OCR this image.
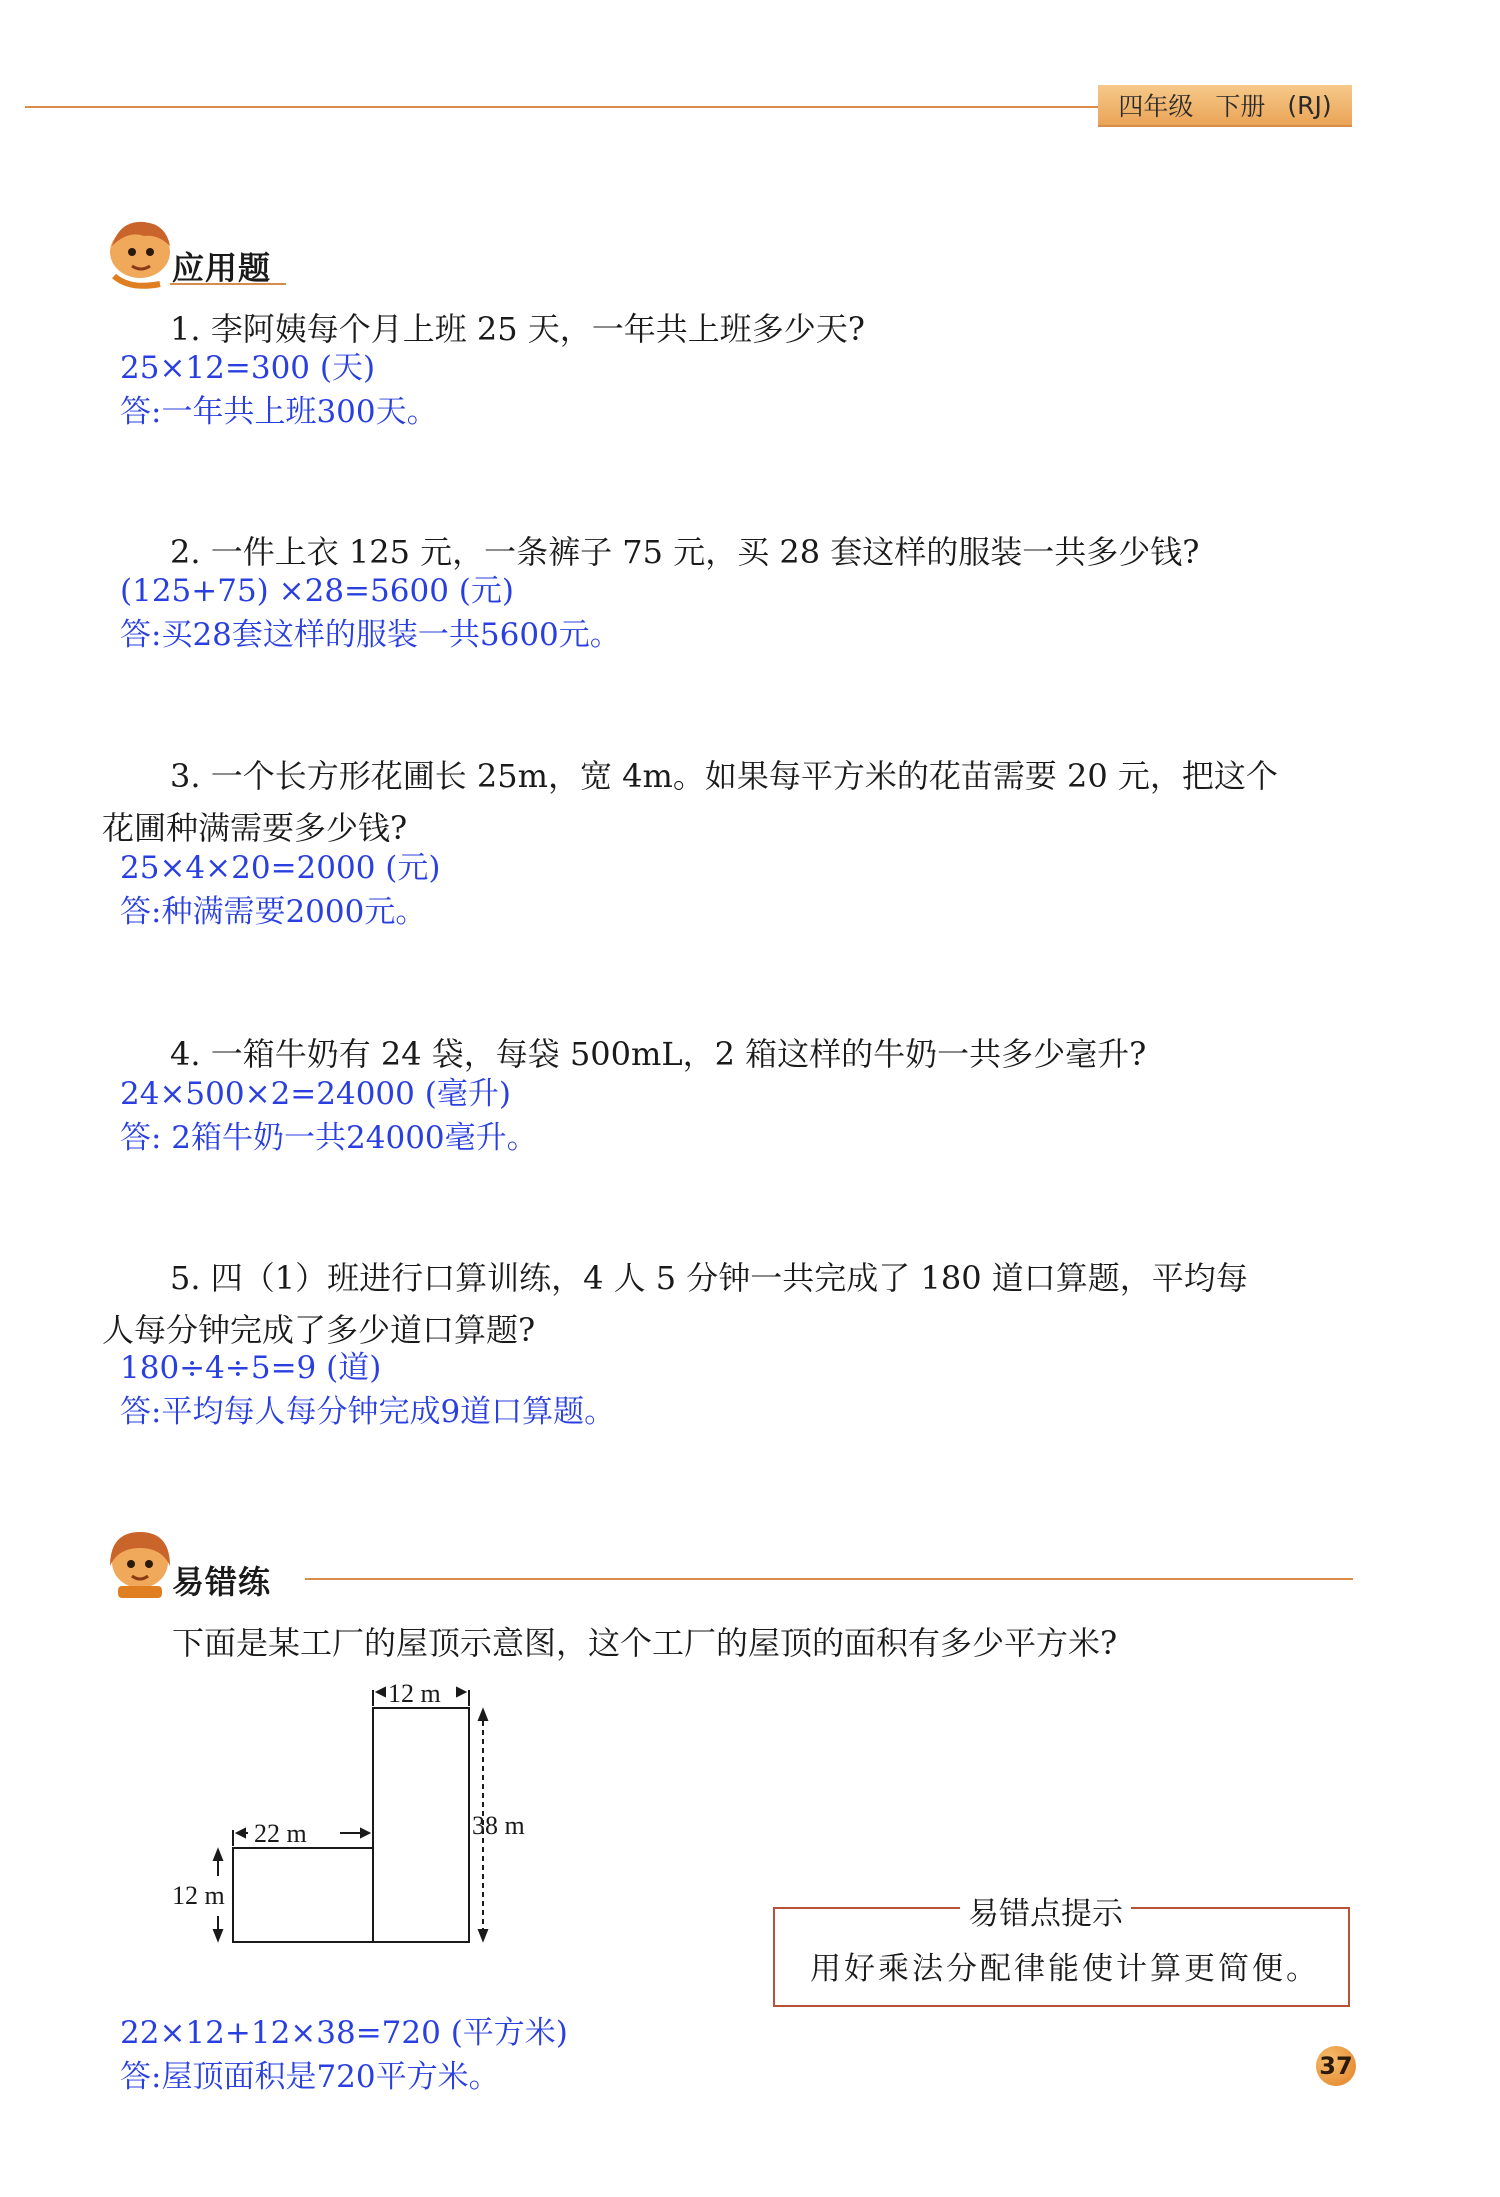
四年级 下册 (RJ)
应用题
1. 李阿姨每个月上班 25 天，一年共上班多少天?
25×12=300 (天)
答:一年共上班300天。
2. 一件上衣 125 元，一条裤子 75 元，买 28 套这样的服装一共多少钱?
(125+75) ×28=5600 (元)
答:买28套这样的服装一共5600元。
3. 一个长方形花圃长 25m，宽 4m。如果每平方米的花苗需要 20 元，把这个
花圃种满需要多少钱?
25×4×20=2000 (元)
答:种满需要2000元。
4. 一箱牛奶有 24 袋，每袋 500mL，2 箱这样的牛奶一共多少毫升?
24×500×2=24000 (毫升)
答: 2箱牛奶一共24000毫升。
5. 四（1）班进行口算训练，4 人 5 分钟一共完成了 180 道口算题，平均每
人每分钟完成了多少道口算题?
180÷4÷5=9 (道)
答:平均每人每分钟完成9道口算题。
易错练
下面是某工厂的屋顶示意图，这个工厂的屋顶的面积有多少平方米?
12 m
38 m
22 m
12 m
易错点提示
用好乘法分配律能使计算更简便。
22×12+12×38=720 (平方米)
答:屋顶面积是720平方米。	37
